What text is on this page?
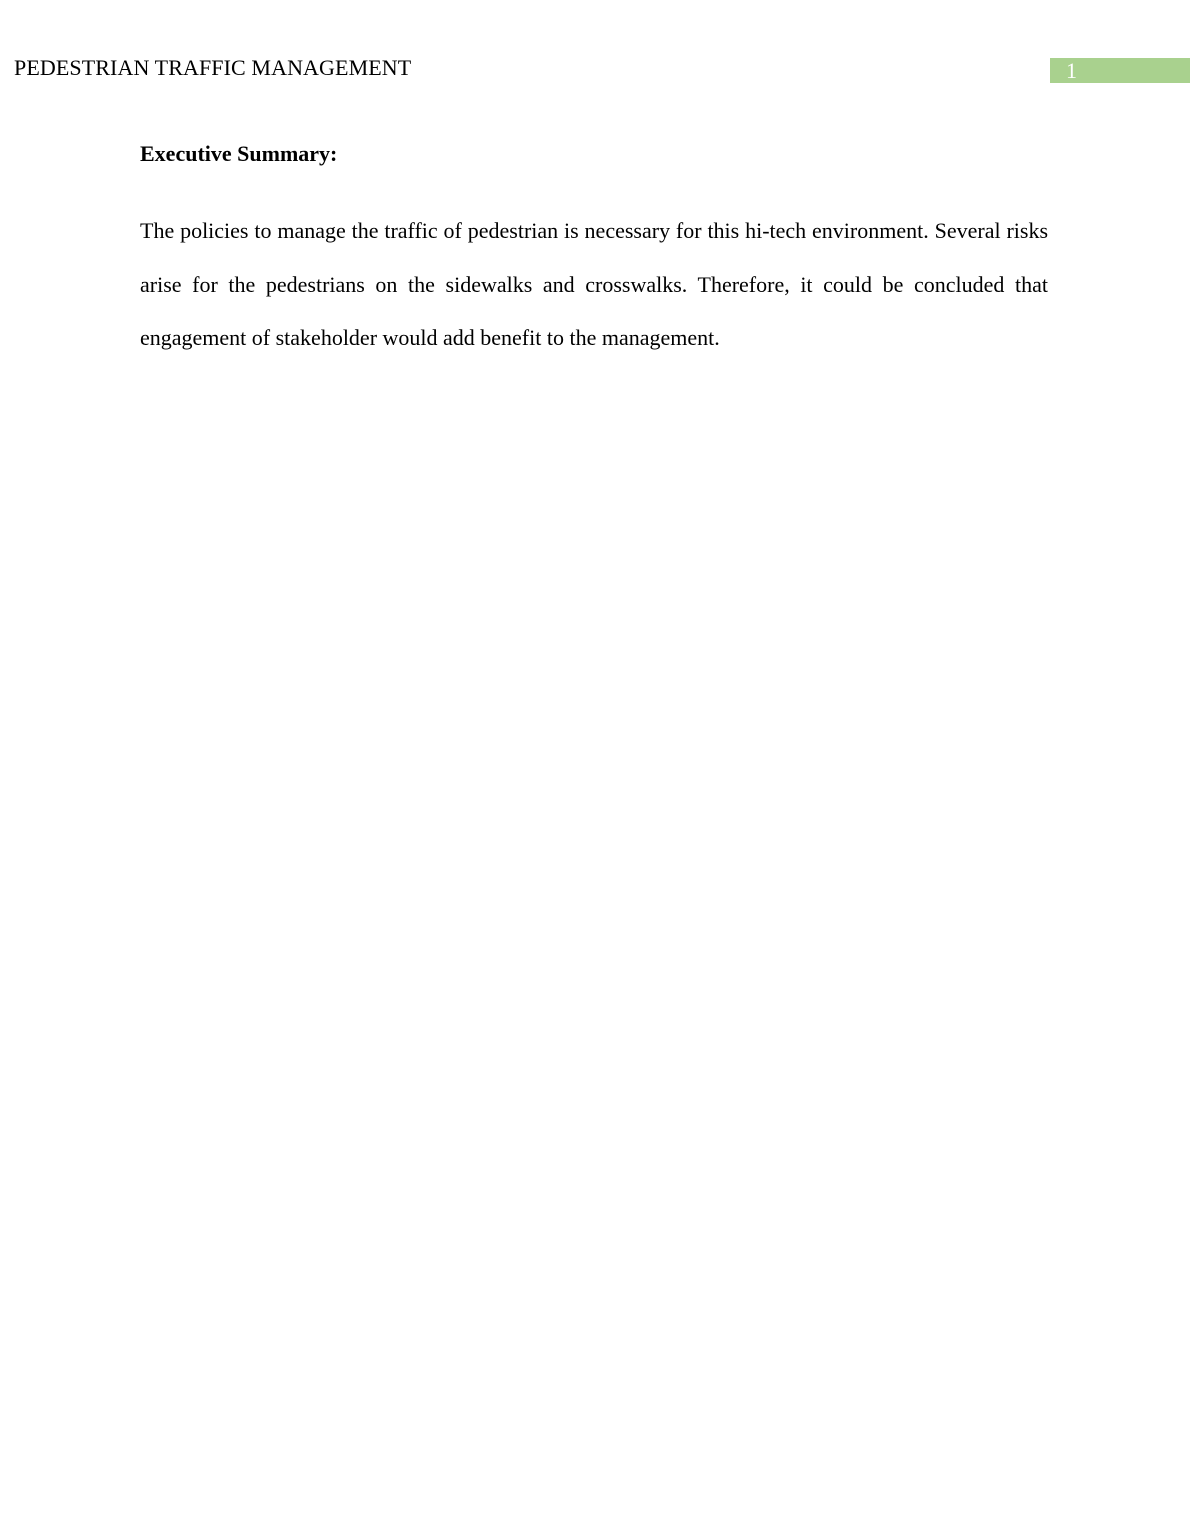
PEDESTRIAN TRAFFIC MANAGEMENT	1
Executive Summary:

The policies to manage the traffic of pedestrian is necessary for this hi-tech environment. Several risks arise for the pedestrians on the sidewalks and crosswalks. Therefore, it could be concluded that engagement of stakeholder would add benefit to the management.
